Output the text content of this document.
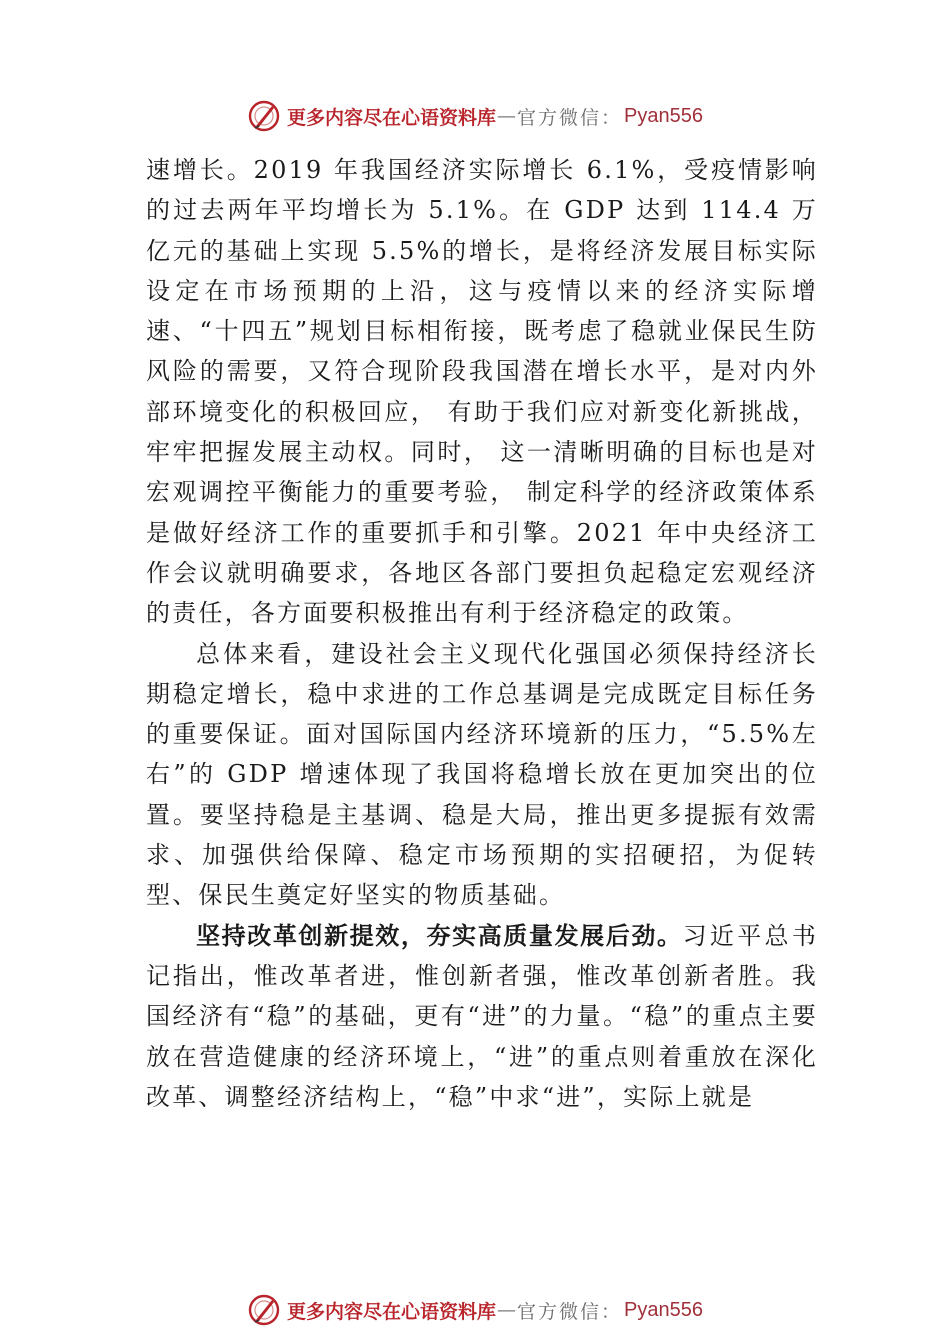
更多内容尽在心语资料库 — 官方微信： Pyan556

速增长。2019 年我国经济实际增长 6.1%，受疫情影响的过去两年平均增长为 5.1%。在 GDP 达到 114.4 万亿元的基础上实现 5.5%的增长，是将经济发展目标实际设定在市场预期的上沿，这与疫情以来的经济实际增速、“十四五”规划目标相衔接，既考虑了稳就业保民生防风险的需要，又符合现阶段我国潜在增长水平，是对内外部环境变化的积极回应， 有助于我们应对新变化新挑战，牢牢把握发展主动权。同时， 这一清晰明确的目标也是对宏观调控平衡能力的重要考验， 制定科学的经济政策体系是做好经济工作的重要抓手和引擎。2021 年中央经济工作会议就明确要求，各地区各部门要担负起稳定宏观经济的责任，各方面要积极推出有利于经济稳定的政策。

总体来看，建设社会主义现代化强国必须保持经济长期稳定增长，稳中求进的工作总基调是完成既定目标任务的重要保证。面对国际国内经济环境新的压力，“5.5%左右”的 GDP 增速体现了我国将稳增长放在更加突出的位置。要坚持稳是主基调、稳是大局，推出更多提振有效需求、加强供给保障、稳定市场预期的实招硬招，为促转型、保民生奠定好坚实的物质基础。

坚持改革创新提效，夯实高质量发展后劲。习近平总书记指出，惟改革者进，惟创新者强，惟改革创新者胜。我国经济有“稳”的基础，更有“进”的力量。“稳”的重点主要放在营造健康的经济环境上，“进”的重点则着重放在深化改革、调整经济结构上，“稳”中求“进”，实际上就是

更多内容尽在心语资料库 — 官方微信： Pyan556
